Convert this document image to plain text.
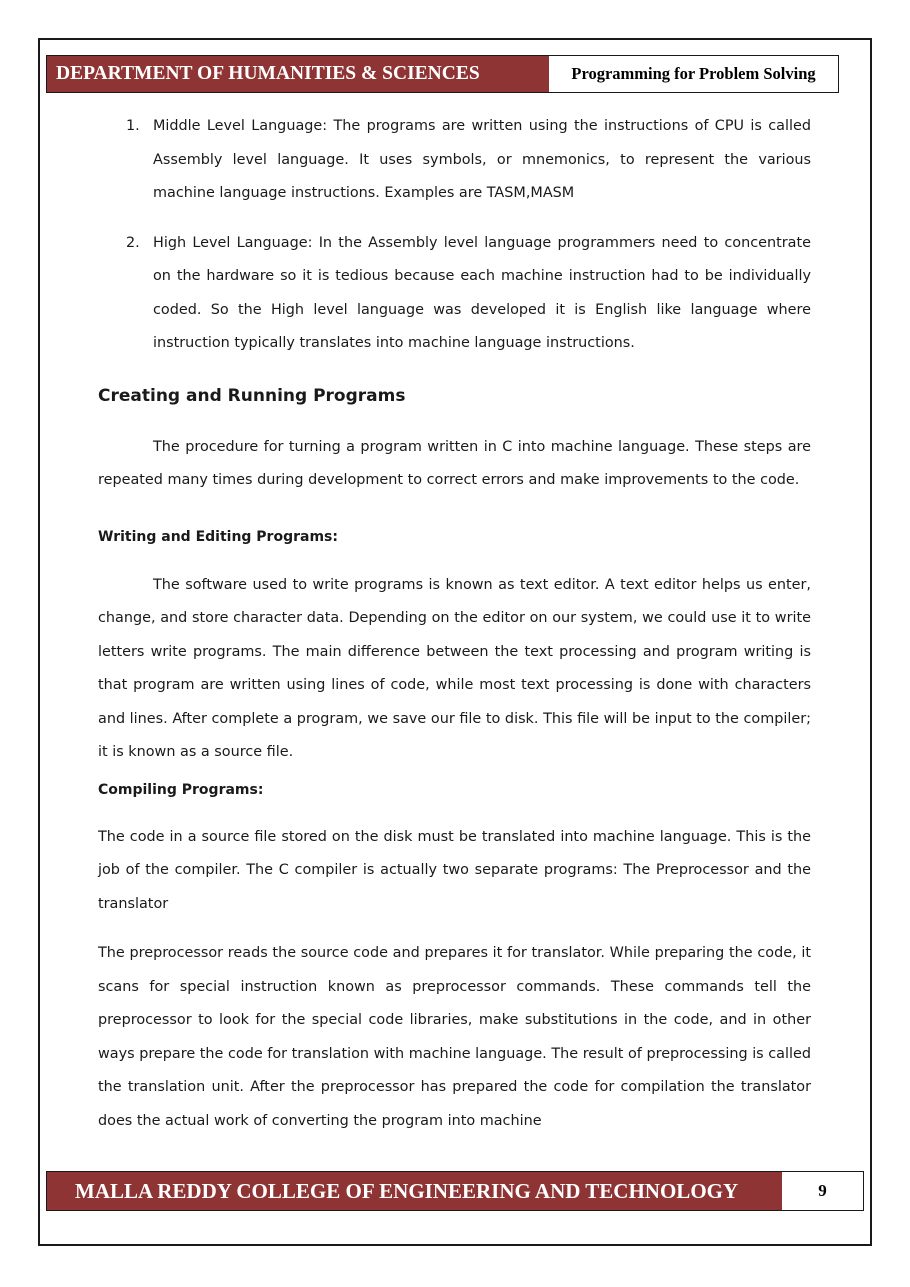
DEPARTMENT OF HUMANITIES & SCIENCES	Programming for Problem Solving
1. Middle Level Language: The programs are written using the instructions of CPU is called Assembly level language. It uses symbols, or mnemonics, to represent the various machine language instructions. Examples are TASM,MASM
2. High Level Language: In the Assembly level language programmers need to concentrate on the hardware so it is tedious because each machine instruction had to be individually coded. So the High level language was developed it is English like language where instruction typically translates into machine language instructions.
Creating and Running Programs

The procedure for turning a program written in C into machine language. These steps are repeated many times during development to correct errors and make improvements to the code.

Writing and Editing Programs:

The software used to write programs is known as text editor. A text editor helps us enter, change, and store character data. Depending on the editor on our system, we could use it to write letters write programs. The main difference between the text processing and program writing is that program are written using lines of code, while most text processing is done with characters and lines. After complete a program, we save our file to disk. This file will be input to the compiler; it is known as a source file.

Compiling Programs:

The code in a source file stored on the disk must be translated into machine language. This is the job of the compiler. The C compiler is actually two separate programs: The Preprocessor and the translator

The preprocessor reads the source code and prepares it for translator. While preparing the code, it scans for special instruction known as preprocessor commands. These commands tell the preprocessor to look for the special code libraries, make substitutions in the code, and in other ways prepare the code for translation with machine language. The result of preprocessing is called the translation unit. After the preprocessor has prepared the code for compilation the translator does the actual work of converting the program into machine

MALLA REDDY COLLEGE OF ENGINEERING AND TECHNOLOGY	9
